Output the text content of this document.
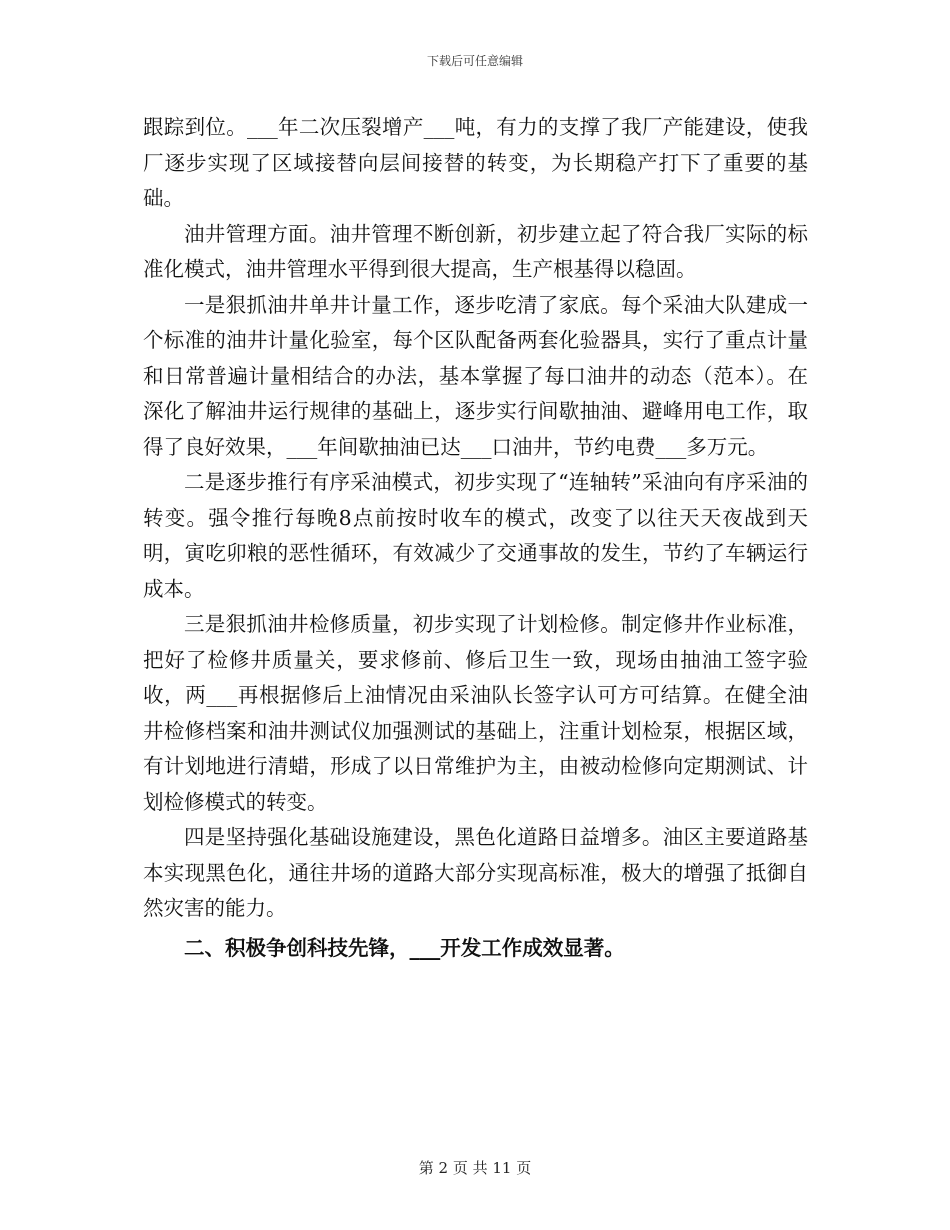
下载后可任意编辑

跟踪到位。___年二次压裂增产___吨，有力的支撑了我厂产能建设，使我厂逐步实现了区域接替向层间接替的转变，为长期稳产打下了重要的基础。

油井管理方面。油井管理不断创新，初步建立起了符合我厂实际的标准化模式，油井管理水平得到很大提高，生产根基得以稳固。

一是狠抓油井单井计量工作，逐步吃清了家底。每个采油大队建成一个标准的油井计量化验室，每个区队配备两套化验器具，实行了重点计量和日常普遍计量相结合的办法，基本掌握了每口油井的动态（范本）。在深化了解油井运行规律的基础上，逐步实行间歇抽油、避峰用电工作，取得了良好效果，___年间歇抽油已达___口油井，节约电费___多万元。

二是逐步推行有序采油模式，初步实现了“连轴转”采油向有序采油的转变。强令推行每晚8点前按时收车的模式，改变了以往天天夜战到天明，寅吃卯粮的恶性循环，有效减少了交通事故的发生，节约了车辆运行成本。

三是狠抓油井检修质量，初步实现了计划检修。制定修井作业标准，把好了检修井质量关，要求修前、修后卫生一致，现场由抽油工签字验收，两___再根据修后上油情况由采油队长签字认可方可结算。在健全油井检修档案和油井测试仪加强测试的基础上，注重计划检泵，根据区域，有计划地进行清蜡，形成了以日常维护为主，由被动检修向定期测试、计划检修模式的转变。

四是坚持强化基础设施建设，黑色化道路日益增多。油区主要道路基本实现黑色化，通往井场的道路大部分实现高标准，极大的增强了抵御自然灾害的能力。

二、积极争创科技先锋，___开发工作成效显著。

第 2 页 共 11 页
